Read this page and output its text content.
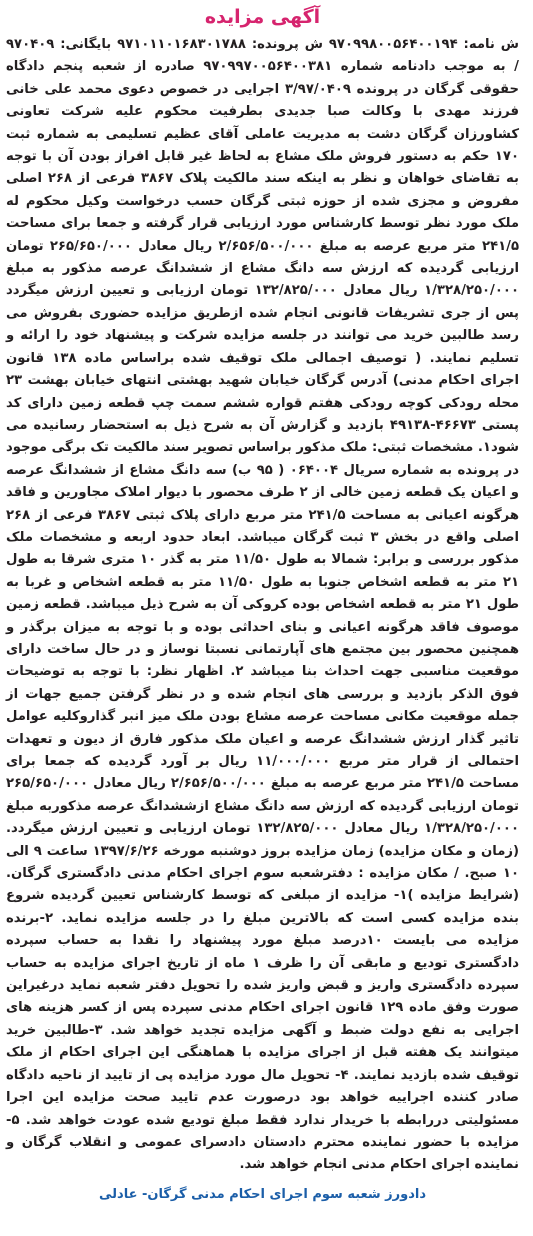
آگهی مزایده

ش نامه: ۹۷۰۹۹۸۰۰۵۶۴۰۰۱۹۴ ش پرونده: ۹۷۱۰۱۱۰۱۶۸۳۰۱۷۸۸ بایگانی: ۹۷۰۴۰۹ / به موجب دادنامه شماره ۹۷۰۹۹۷۰۰۵۶۴۰۰۳۸۱ صادره از شعبه پنجم دادگاه حقوقی گرگان در پرونده ۳/۹۷/۰۴۰۹ اجرایی در خصوص دعوی محمد علی خانی فرزند مهدی با وکالت صبا جدیدی بطرفیت محکوم علیه شرکت تعاونی کشاورزان گرگان دشت به مدیریت عاملی آقای عظیم تسلیمی به شماره ثبت ۱۷۰ حکم به دستور فروش ملک مشاع به لحاظ غیر قابل افراز بودن آن با توجه به تقاضای خواهان و نظر به اینکه سند مالکیت پلاک ۳۸۶۷ فرعی از ۲۶۸ اصلی مفروض و مجزی شده از حوزه ثبتی گرگان حسب درخواست وکیل محکوم له ملک مورد نظر توسط کارشناس مورد ارزیابی قرار گرفته و جمعا برای مساحت ۲۴۱/۵ متر مربع عرصه به مبلغ ۲/۶۵۶/۵۰۰/۰۰۰ ریال معادل ۲۶۵/۶۵۰/۰۰۰ تومان ارزیابی گردیده که ارزش سه دانگ مشاع از ششدانگ عرصه مذکور به مبلغ ۱/۳۲۸/۲۵۰/۰۰۰ ریال معادل ۱۳۲/۸۲۵/۰۰۰ تومان ارزیابی و تعیین ارزش میگردد پس از جری تشریفات قانونی انجام شده ازطریق مزایده حضوری بفروش می رسد طالبین خرید می توانند در جلسه مزایده شرکت و پیشنهاد خود را ارائه و تسلیم نمایند. ( توصیف اجمالی ملک توقیف شده براساس ماده ۱۳۸ قانون اجرای احکام مدنی) آدرس گرگان خیابان شهید بهشتی انتهای خیابان بهشت ۲۳ محله رودکی کوچه رودکی هفتم قواره ششم سمت چپ قطعه زمین دارای کد پستی ۴۶۶۷۳-۴۹۱۳۸ بازدید و گزارش آن به شرح ذیل به استحضار رسانیده می شود۱. مشخصات ثبتی: ملک مذکور براساس تصویر سند مالکیت تک برگی موجود در پرونده به شماره سریال ۰۶۴۰۰۴ ( ۹۵ ب) سه دانگ مشاع از ششدانگ عرصه و اعیان یک قطعه زمین خالی از ۲ طرف محصور با دیوار املاک مجاورین و فاقد هرگونه اعیانی به مساحت ۲۴۱/۵ متر مربع دارای پلاک ثبتی ۳۸۶۷ فرعی از ۲۶۸ اصلی واقع در بخش ۳ ثبت گرگان میباشد. ابعاد حدود اربعه و مشخصات ملک مذکور بررسی و برابر: شمالا به طول ۱۱/۵۰ متر به گذر ۱۰ متری شرقا به طول ۲۱ متر به قطعه اشخاص جنوبا به طول ۱۱/۵۰ متر به قطعه اشخاص و غربا به طول ۲۱ متر به قطعه اشخاص بوده کروکی آن به شرح ذیل میباشد. قطعه زمین موصوف فاقد هرگونه اعیانی و بنای احداثی بوده و با توجه به میزان برگذر و همچنین محصور بین مجتمع های آپارتمانی نسبتا نوساز و در حال ساخت دارای موقعیت مناسبی جهت احداث بنا میباشد ۲. اظهار نظر: با توجه به توضیحات فوق الذکر بازدید و بررسی های انجام شده و در نظر گرفتن جمیع جهات از جمله موقعیت مکانی مساحت عرصه مشاع بودن ملک میز انبر گذاروکلیه عوامل تاثیر گذار ارزش ششدانگ عرصه و اعیان ملک مذکور فارق از دیون و تعهدات احتمالی از قرار متر مربع ۱۱/۰۰۰/۰۰۰ ریال بر آورد گردیده که جمعا برای مساحت ۲۴۱/۵ متر مربع عرصه به مبلغ ۲/۶۵۶/۵۰۰/۰۰۰ ریال معادل ۲۶۵/۶۵۰/۰۰۰ تومان ارزیابی گردیده که ارزش سه دانگ مشاع ازششدانگ عرصه مذکوربه مبلغ ۱/۳۲۸/۲۵۰/۰۰۰ ریال معادل ۱۳۲/۸۲۵/۰۰۰ تومان ارزیابی و تعیین ارزش میگردد.(زمان و مکان مزایده) زمان مزایده بروز دوشنبه مورخه ۱۳۹۷/۶/۲۶ ساعت ۹ الی ۱۰ صبح. / مکان مزایده : دفترشعبه سوم اجرای احکام مدنی دادگستری گرگان. (شرایط مزایده )۱- مزایده از مبلغی که توسط کارشناس تعیین گردیده شروع بنده مزایده کسی است که بالاترین مبلغ را در جلسه مزایده نماید. ۲-برنده مزایده می بایست ۱۰درصد مبلغ مورد پیشنهاد را نقدا به حساب سپرده دادگستری تودیع و مابقی آن را ظرف ۱ ماه از تاریخ اجرای مزایده به حساب سپرده دادگستری واریز و قبض واریز شده را تحویل دفتر شعبه نماید درغیراین صورت وفق ماده ۱۲۹ قانون اجرای احکام مدنی سپرده پس از کسر هزینه های اجرایی به نفع دولت ضبط و آگهی مزایده تجدید خواهد شد. ۳-طالبین خرید میتوانند یک هفته قبل از اجرای مزایده با هماهنگی این اجرای احکام از ملک توقیف شده بازدید نمایند. ۴- تحویل مال مورد مزایده پی از تایید از ناحیه دادگاه صادر کننده اجراییه خواهد بود درصورت عدم تایید صحت مزایده این اجرا مسئولیتی دررابطه با خریدار ندارد فقط مبلغ تودیع شده عودت خواهد شد. ۵- مزایده با حضور نماینده محترم دادستان دادسرای عمومی و انقلاب گرگان و نماینده اجرای احکام مدنی انجام خواهد شد.

دادورز شعبه سوم اجرای احکام مدنی گرگان- عادلی
